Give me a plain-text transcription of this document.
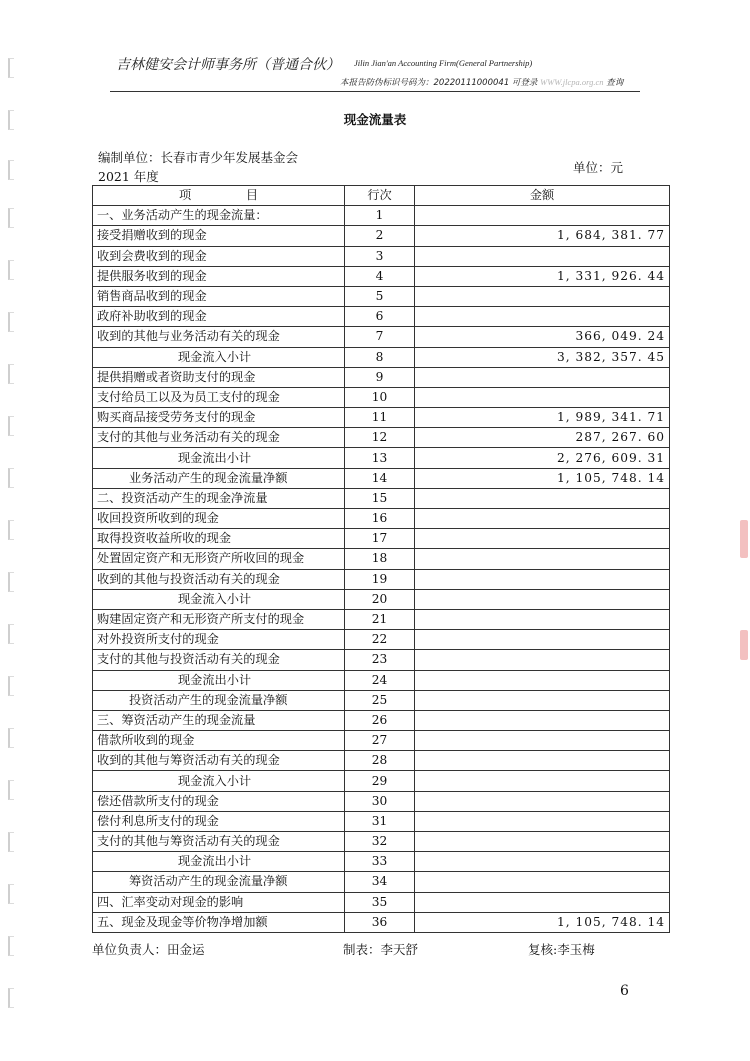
吉林健安会计师事务所（普通合伙） Jilin Jian'an Accounting Firm(General Partnership)
本报告防伪标识号码为：20220111000041 可登录 WWW.jlcpa.org.cn 查询
现金流量表
编制单位：长春市青少年发展基金会
2021 年度
单位：元
项 目	行次	金额
一、业务活动产生的现金流量：	1	
接受捐赠收到的现金	2	1, 684, 381. 77
收到会费收到的现金	3	
提供服务收到的现金	4	1, 331, 926. 44
销售商品收到的现金	5	
政府补助收到的现金	6	
收到的其他与业务活动有关的现金	7	366, 049. 24
现金流入小计	8	3, 382, 357. 45
提供捐赠或者资助支付的现金	9	
支付给员工以及为员工支付的现金	10	
购买商品接受劳务支付的现金	11	1, 989, 341. 71
支付的其他与业务活动有关的现金	12	287, 267. 60
现金流出小计	13	2, 276, 609. 31
业务活动产生的现金流量净额	14	1, 105, 748. 14
二、投资活动产生的现金净流量	15	
收回投资所收到的现金	16	
取得投资收益所收的现金	17	
处置固定资产和无形资产所收回的现金	18	
收到的其他与投资活动有关的现金	19	
现金流入小计	20	
购建固定资产和无形资产所支付的现金	21	
对外投资所支付的现金	22	
支付的其他与投资活动有关的现金	23	
现金流出小计	24	
投资活动产生的现金流量净额	25	
三、筹资活动产生的现金流量	26	
借款所收到的现金	27	
收到的其他与筹资活动有关的现金	28	
现金流入小计	29	
偿还借款所支付的现金	30	
偿付利息所支付的现金	31	
支付的其他与筹资活动有关的现金	32	
现金流出小计	33	
筹资活动产生的现金流量净额	34	
四、汇率变动对现金的影响	35	
五、现金及现金等价物净增加额	36	1, 105, 748. 14
单位负责人：田金运	制表：李天舒	复核:李玉梅
6
